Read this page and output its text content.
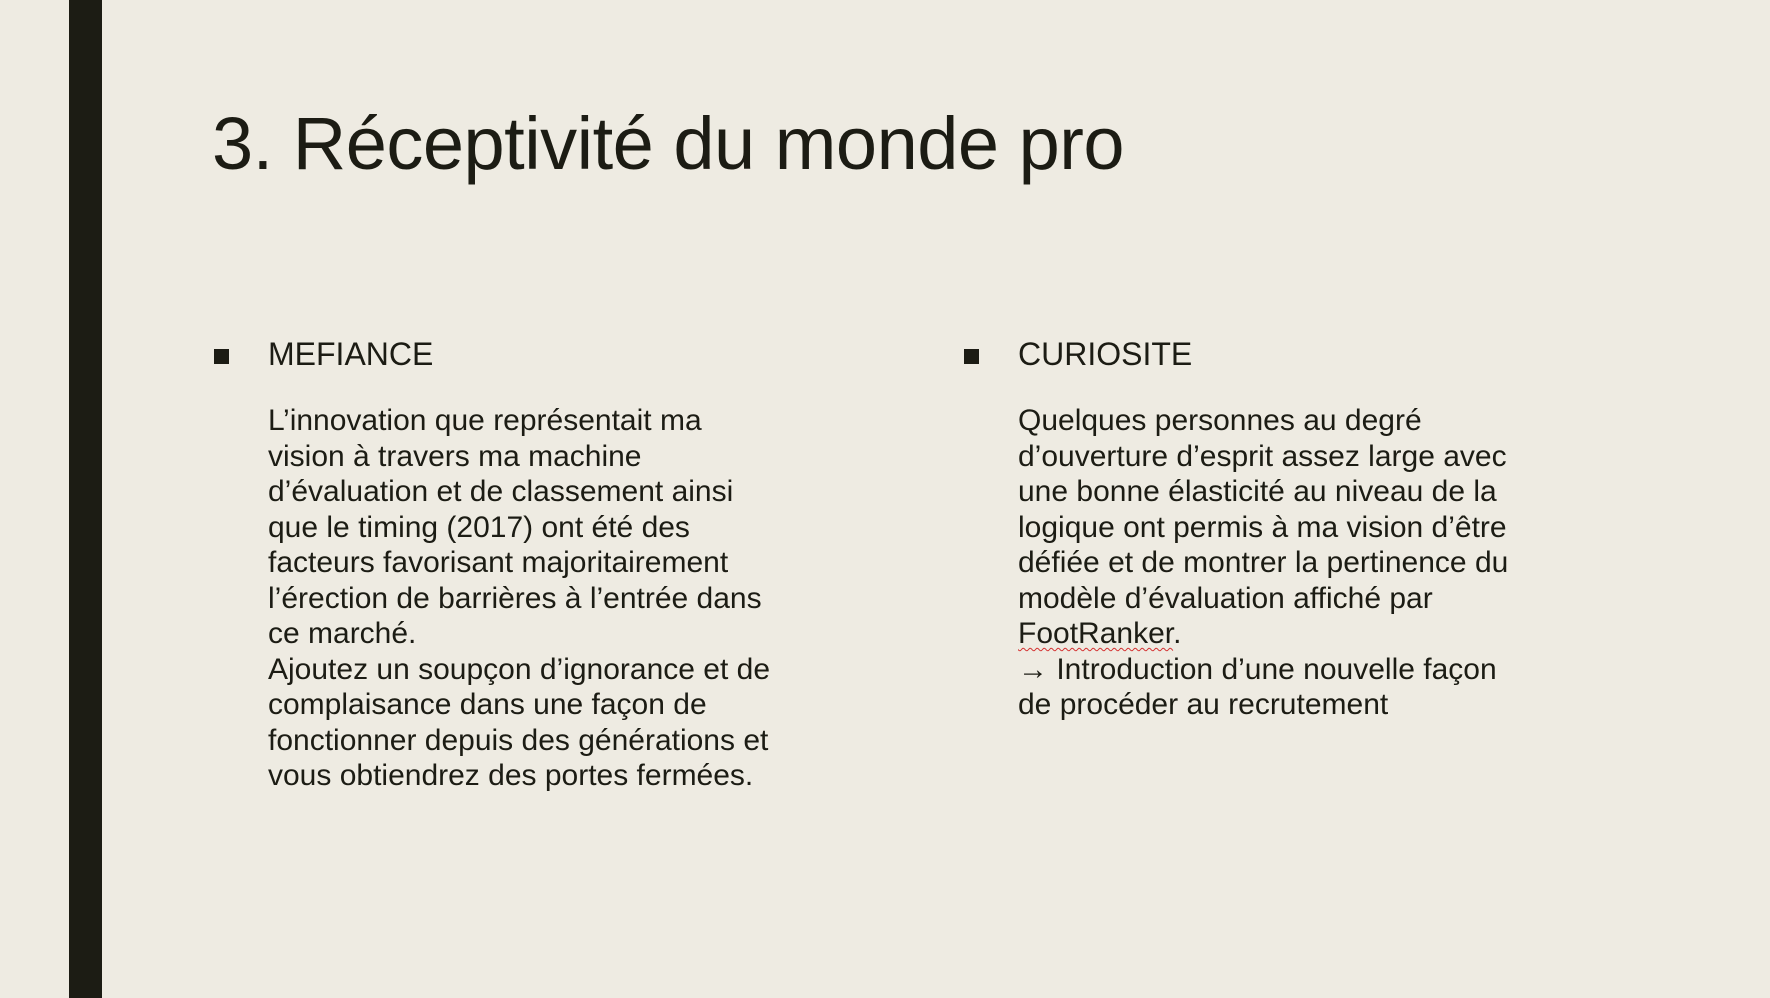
3. Réceptivité du monde pro
MEFIANCE

L’innovation que représentait ma

vision à travers ma machine

d’évaluation et de classement ainsi

que le timing (2017) ont été des

facteurs favorisant majoritairement

l’érection de barrières à l’entrée dans

ce marché.

Ajoutez un soupçon d’ignorance et de

complaisance dans une façon de

fonctionner depuis des générations et

vous obtiendrez des portes fermées.

CURIOSITE

Quelques personnes au degré

d’ouverture d’esprit assez large avec

une bonne élasticité au niveau de la

logique ont permis à ma vision d’être

défiée et de montrer la pertinence du

modèle d’évaluation affiché par

FootRanker.

→ Introduction d’une nouvelle façon

de procéder au recrutement
